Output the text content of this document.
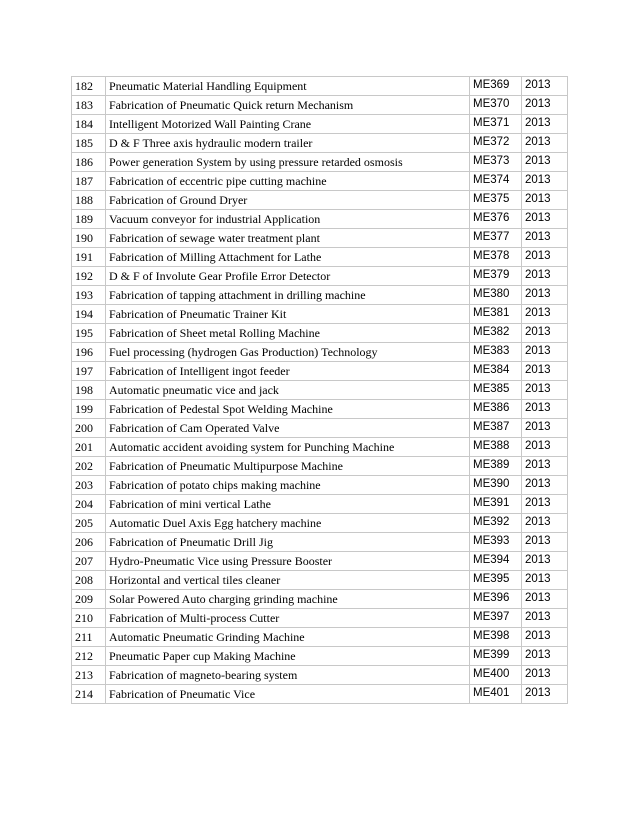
182	Pneumatic Material Handling Equipment	ME369	2013
183	Fabrication of Pneumatic Quick return Mechanism	ME370	2013
184	Intelligent Motorized Wall Painting Crane	ME371	2013
185	D & F Three axis hydraulic modern trailer	ME372	2013
186	Power generation System by using pressure retarded osmosis	ME373	2013
187	Fabrication of eccentric pipe cutting machine	ME374	2013
188	Fabrication of Ground Dryer	ME375	2013
189	Vacuum conveyor for industrial Application	ME376	2013
190	Fabrication of sewage water treatment plant	ME377	2013
191	Fabrication of Milling Attachment for Lathe	ME378	2013
192	D & F of Involute Gear Profile Error Detector	ME379	2013
193	Fabrication of tapping attachment in drilling machine	ME380	2013
194	Fabrication of Pneumatic Trainer Kit	ME381	2013
195	Fabrication of Sheet metal Rolling Machine	ME382	2013
196	Fuel processing (hydrogen Gas Production) Technology	ME383	2013
197	Fabrication of Intelligent ingot feeder	ME384	2013
198	Automatic pneumatic vice and jack	ME385	2013
199	Fabrication of Pedestal Spot Welding Machine	ME386	2013
200	Fabrication of Cam Operated Valve	ME387	2013
201	Automatic accident avoiding system for Punching Machine	ME388	2013
202	Fabrication of Pneumatic Multipurpose Machine	ME389	2013
203	Fabrication of potato chips making machine	ME390	2013
204	Fabrication of mini vertical Lathe	ME391	2013
205	Automatic Duel Axis Egg hatchery machine	ME392	2013
206	Fabrication of Pneumatic Drill Jig	ME393	2013
207	Hydro-Pneumatic Vice using Pressure Booster	ME394	2013
208	Horizontal and vertical tiles cleaner	ME395	2013
209	Solar Powered Auto charging grinding machine	ME396	2013
210	Fabrication of Multi-process Cutter	ME397	2013
211	Automatic Pneumatic Grinding Machine	ME398	2013
212	Pneumatic Paper cup Making Machine	ME399	2013
213	Fabrication of magneto-bearing system	ME400	2013
214	Fabrication of Pneumatic Vice	ME401	2013
